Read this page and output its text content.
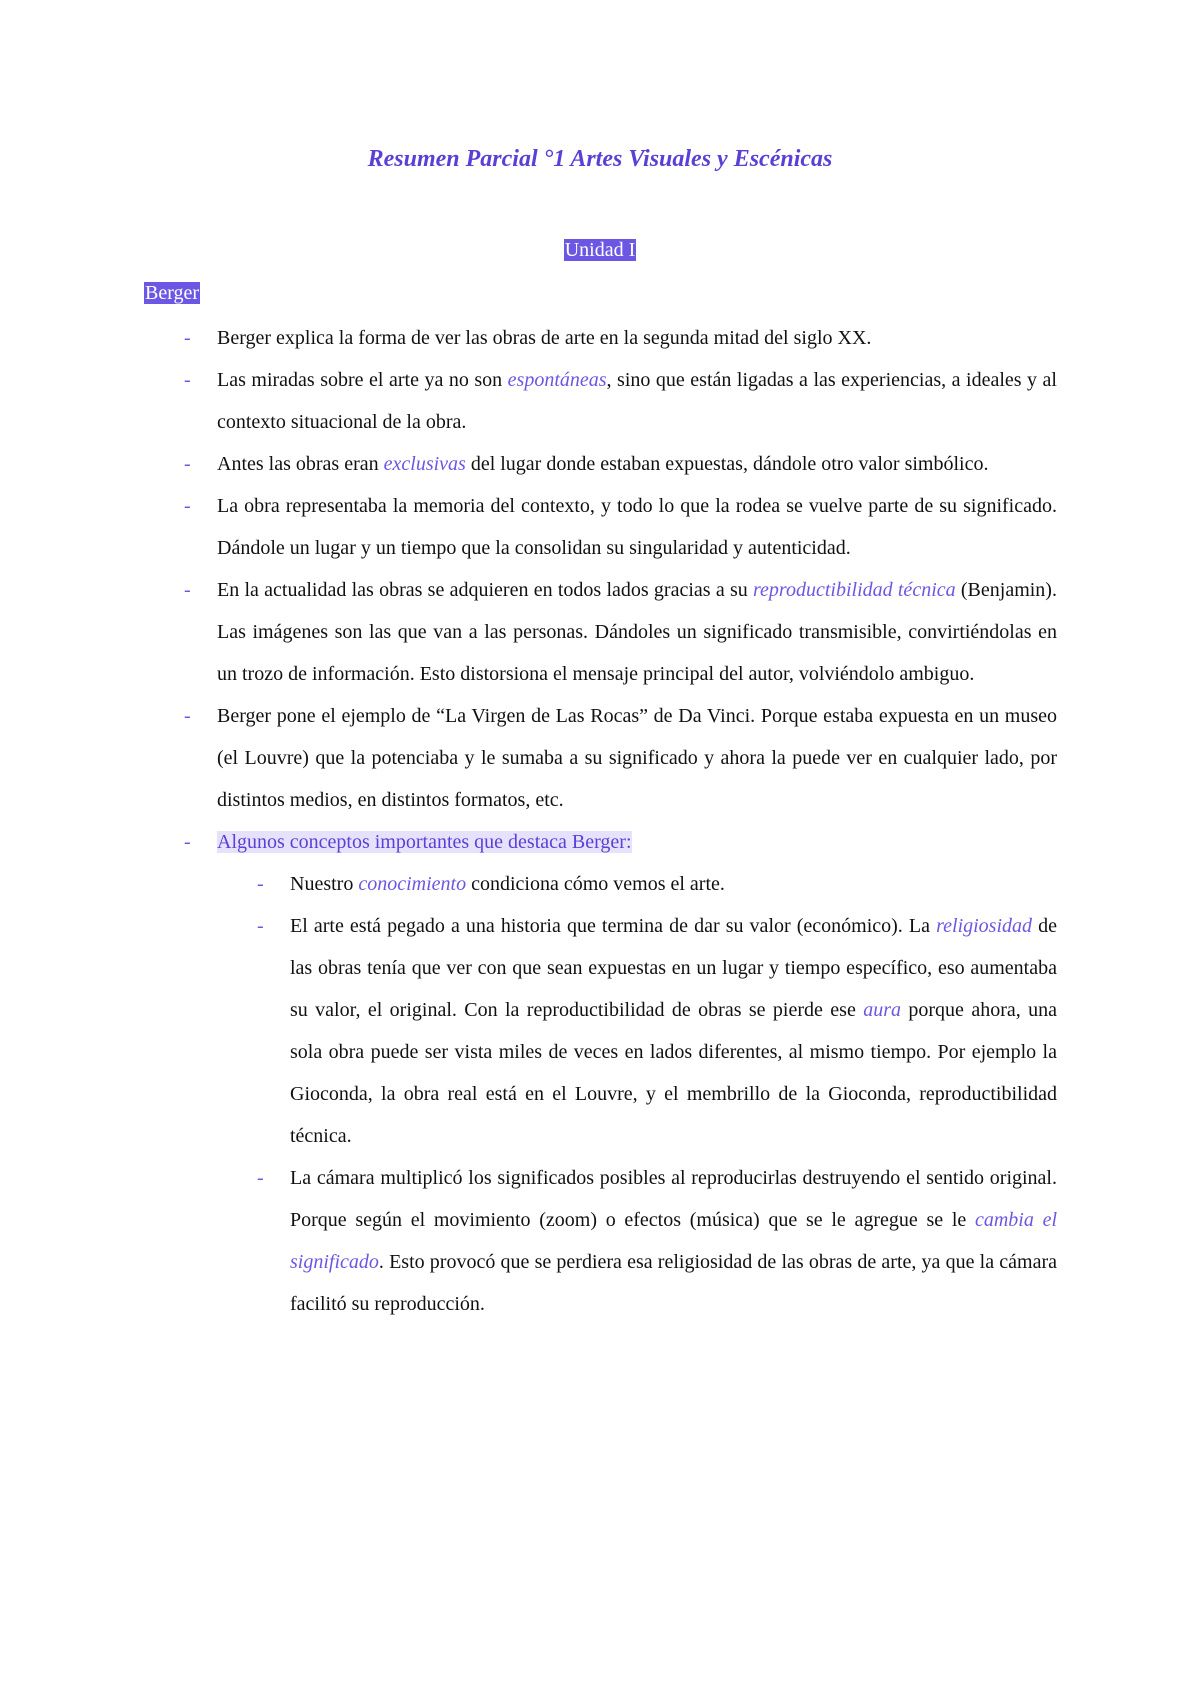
Resumen Parcial °1 Artes Visuales y Escénicas
Unidad I
Berger
- Berger explica la forma de ver las obras de arte en la segunda mitad del siglo XX.
- Las miradas sobre el arte ya no son espontáneas, sino que están ligadas a las experiencias, a ideales y al contexto situacional de la obra.
- Antes las obras eran exclusivas del lugar donde estaban expuestas, dándole otro valor simbólico.
- La obra representaba la memoria del contexto, y todo lo que la rodea se vuelve parte de su significado. Dándole un lugar y un tiempo que la consolidan su singularidad y autenticidad.
- En la actualidad las obras se adquieren en todos lados gracias a su reproductibilidad técnica (Benjamin). Las imágenes son las que van a las personas. Dándoles un significado transmisible, convirtiéndolas en un trozo de información. Esto distorsiona el mensaje principal del autor, volviéndolo ambiguo.
- Berger pone el ejemplo de “La Virgen de Las Rocas” de Da Vinci. Porque estaba expuesta en un museo (el Louvre) que la potenciaba y le sumaba a su significado y ahora la puede ver en cualquier lado, por distintos medios, en distintos formatos, etc.
- Algunos conceptos importantes que destaca Berger:
- Nuestro conocimiento condiciona cómo vemos el arte.
- El arte está pegado a una historia que termina de dar su valor (económico). La religiosidad de las obras tenía que ver con que sean expuestas en un lugar y tiempo específico, eso aumentaba su valor, el original. Con la reproductibilidad de obras se pierde ese aura porque ahora, una sola obra puede ser vista miles de veces en lados diferentes, al mismo tiempo. Por ejemplo la Gioconda, la obra real está en el Louvre, y el membrillo de la Gioconda, reproductibilidad técnica.
- La cámara multiplicó los significados posibles al reproducirlas destruyendo el sentido original. Porque según el movimiento (zoom) o efectos (música) que se le agregue se le cambia el significado. Esto provocó que se perdiera esa religiosidad de las obras de arte, ya que la cámara facilitó su reproducción.
